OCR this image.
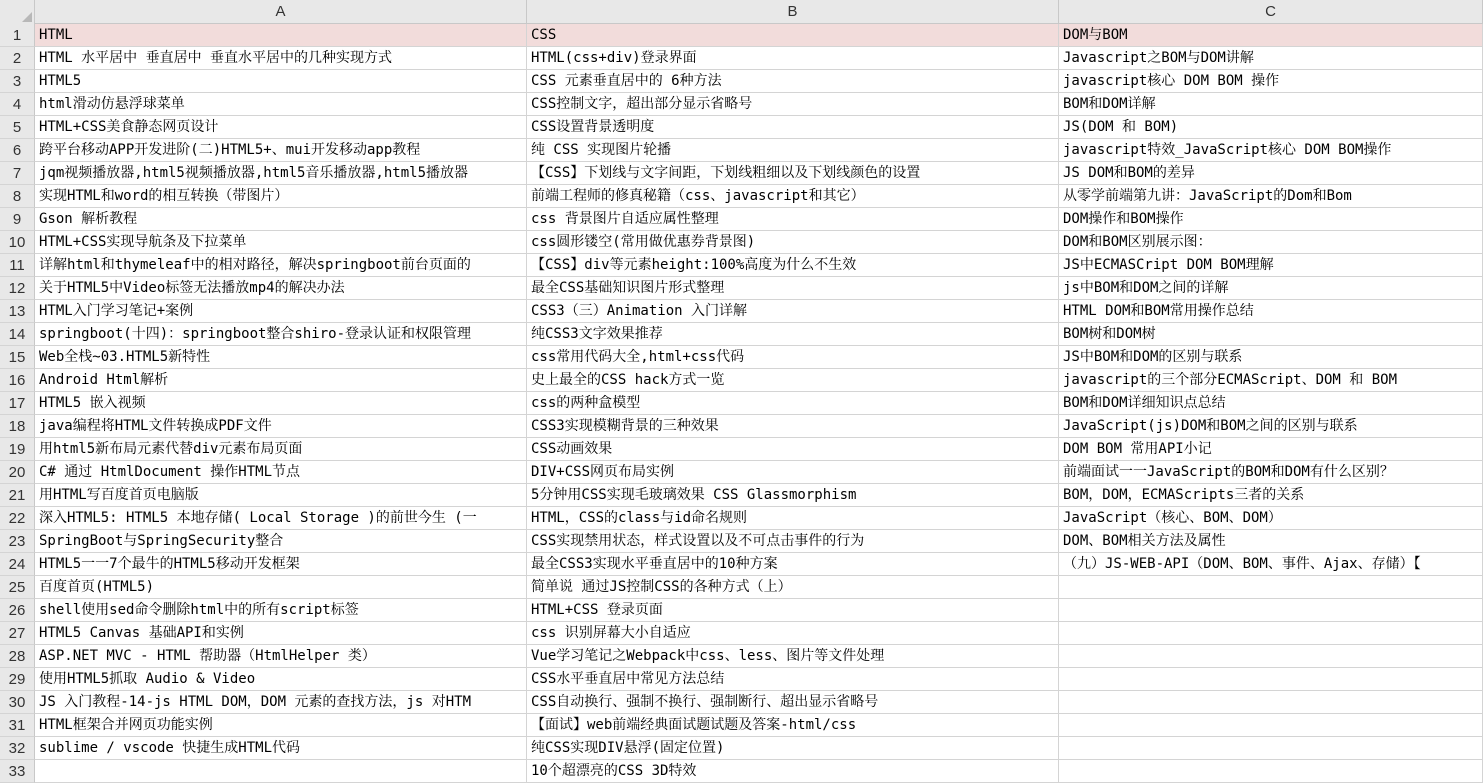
A	B	C
1	HTML	CSS	DOM与BOM
2	HTML 水平居中 垂直居中 垂直水平居中的几种实现方式	HTML(css+div)登录界面	Javascript之BOM与DOM讲解
3	HTML5	CSS 元素垂直居中的 6种方法	javascript核心 DOM BOM 操作
4	html滑动仿悬浮球菜单	CSS控制文字，超出部分显示省略号	BOM和DOM详解
5	HTML+CSS美食静态网页设计	CSS设置背景透明度	JS(DOM 和 BOM)
6	跨平台移动APP开发进阶(二)HTML5+、mui开发移动app教程	纯 CSS 实现图片轮播	javascript特效_JavaScript核心 DOM BOM操作
7	jqm视频播放器,html5视频播放器,html5音乐播放器,html5播放器	【CSS】下划线与文字间距，下划线粗细以及下划线颜色的设置	JS DOM和BOM的差异
8	实现HTML和word的相互转换（带图片）	前端工程师的修真秘籍（css、javascript和其它）	从零学前端第九讲：JavaScript的Dom和Bom
9	Gson 解析教程	css 背景图片自适应属性整理	DOM操作和BOM操作
10 HTML+CSS实现导航条及下拉菜单	css圆形镂空(常用做优惠券背景图)	DOM和BOM区别展示图：
11	详解html和thymeleaf中的相对路径，解决springboot前台页面的	【CSS】div等元素height:100%高度为什么不生效	JS中ECMASCript DOM BOM理解
12 关于HTML5中Video标签无法播放mp4的解决办法	最全CSS基础知识图片形式整理	js中BOM和DOM之间的详解
13 HTML入门学习笔记+案例	CSS3（三）Animation 入门详解	HTML DOM和BOM常用操作总结
14 springboot(十四)：springboot整合shiro-登录认证和权限管理	纯CSS3文字效果推荐	BOM树和DOM树
15 Web全栈~03.HTML5新特性	css常用代码大全,html+css代码	JS中BOM和DOM的区别与联系
16 Android Html解析	史上最全的CSS hack方式一览	javascript的三个部分ECMAScript、DOM 和 BOM
17 HTML5 嵌入视频	css的两种盒模型	BOM和DOM详细知识点总结
18 java编程将HTML文件转换成PDF文件	CSS3实现模糊背景的三种效果	JavaScript(js)DOM和BOM之间的区别与联系
19 用html5新布局元素代替div元素布局页面	CSS动画效果	DOM BOM 常用API小记
20 C# 通过 HtmlDocument 操作HTML节点	DIV+CSS网页布局实例	前端面试一一JavaScript的BOM和DOM有什么区别？
21 用HTML写百度首页电脑版	5分钟用CSS实现毛玻璃效果 CSS Glassmorphism	BOM，DOM，ECMAScripts三者的关系
22 深入HTML5: HTML5 本地存储( Local Storage )的前世今生 (一	HTML，CSS的class与id命名规则	JavaScript（核心、BOM、DOM）
23 SpringBoot与SpringSecurity整合	CSS实现禁用状态，样式设置以及不可点击事件的行为	DOM、BOM相关方法及属性
24 HTML5一一7个最牛的HTML5移动开发框架	最全CSS3实现水平垂直居中的10种方案	（九）JS-WEB-API（DOM、BOM、事件、Ajax、存储）【
25 百度首页(HTML5)	简单说 通过JS控制CSS的各种方式（上）
26 shell使用sed命令删除html中的所有script标签	HTML+CSS 登录页面
27 HTML5 Canvas 基础API和实例	css 识别屏幕大小自适应
28 ASP.NET MVC - HTML 帮助器（HtmlHelper 类）	Vue学习笔记之Webpack中css、less、图片等文件处理
29 使用HTML5抓取 Audio & Video	CSS水平垂直居中常见方法总结
30 JS 入门教程-14-js HTML DOM，DOM 元素的查找方法，js 对HTM	CSS自动换行、强制不换行、强制断行、超出显示省略号
31 HTML框架合并网页功能实例	【面试】web前端经典面试题试题及答案-html/css
32 sublime / vscode 快捷生成HTML代码	纯CSS实现DIV悬浮(固定位置)
33	10个超漂亮的CSS 3D特效
